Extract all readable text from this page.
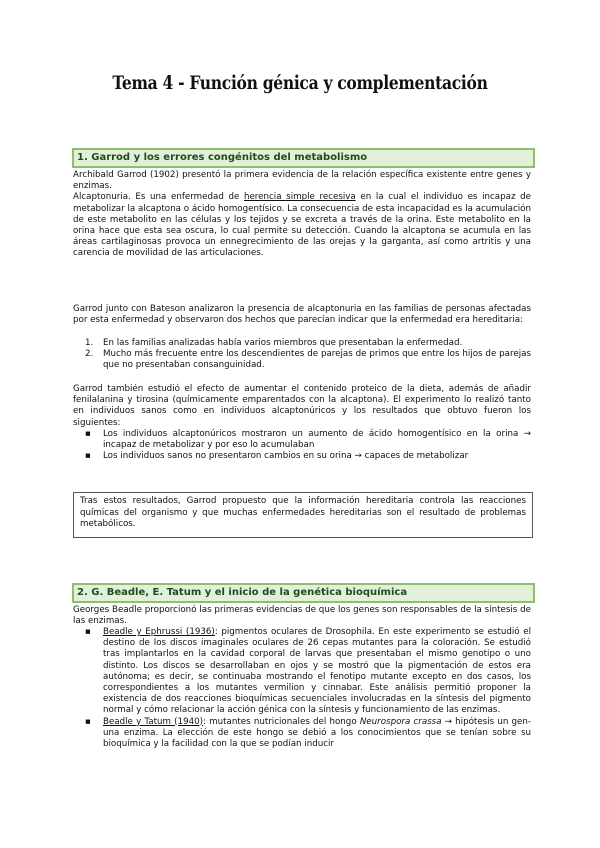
Tema 4 - Función génica y complementación
1. Garrod y los errores congénitos del metabolismo

Archibald Garrod (1902) presentó la primera evidencia de la relación específica existente entre genes y enzimas.

Alcaptonuria. Es una enfermedad de herencia simple recesiva en la cual el individuo es incapaz de metabolizar la alcaptona o ácido homogentísico. La consecuencia de esta incapacidad es la acumulación de este metabolito en las células y los tejidos y se excreta a través de la orina. Este metabolito en la orina hace que esta sea oscura, lo cual permite su detección. Cuando la alcaptona se acumula en las áreas cartilaginosas provoca un ennegrecimiento de las orejas y la garganta, así como artritis y una carencia de movilidad de las articulaciones.

Garrod junto con Bateson analizaron la presencia de alcaptonuria en las familias de personas afectadas por esta enfermedad y observaron dos hechos que parecían indicar que la enfermedad era hereditaria:
1. En las familias analizadas había varios miembros que presentaban la enfermedad.
2. Mucho más frecuente entre los descendientes de parejas de primos que entre los hijos de parejas que no presentaban consanguinidad.
Garrod también estudió el efecto de aumentar el contenido proteico de la dieta, además de añadir fenilalanina y tirosina (químicamente emparentados con la alcaptona). El experimento lo realizó tanto en individuos sanos como en individuos alcaptonúricos y los resultados que obtuvo fueron los siguientes:
▪ Los individuos alcaptonúricos mostraron un aumento de ácido homogentísico en la orina → incapaz de metabolizar y por eso lo acumulaban
▪ Los individuos sanos no presentaron cambios en su orina → capaces de metabolizar
Tras estos resultados, Garrod propuesto que la información hereditaria controla las reacciones químicas del organismo y que muchas enfermedades hereditarias son el resultado de problemas metabólicos.
2. G. Beadle, E. Tatum y el inicio de la genética bioquímica
Georges Beadle proporcionó las primeras evidencias de que los genes son responsables de la síntesis de las enzimas.
▪ Beadle y Ephrussi (1936): pigmentos oculares de Drosophila. En este experimento se estudió el destino de los discos imaginales oculares de 26 cepas mutantes para la coloración. Se estudió tras implantarlos en la cavidad corporal de larvas que presentaban el mismo genotipo o uno distinto. Los discos se desarrollaban en ojos y se mostró que la pigmentación de estos era autónoma; es decir, se continuaba mostrando el fenotipo mutante excepto en dos casos, los correspondientes a los mutantes vermilion y cinnabar. Este análisis permitió proponer la existencia de dos reacciones bioquímicas secuenciales involucradas en la síntesis del pigmento normal y cómo relacionar la acción génica con la síntesis y funcionamiento de las enzimas.
▪ Beadle y Tatum (1940): mutantes nutricionales del hongo Neurospora crassa → hipótesis un gen-una enzima. La elección de este hongo se debió a los conocimientos que se tenían sobre su bioquímica y la facilidad con la que se podían inducir
